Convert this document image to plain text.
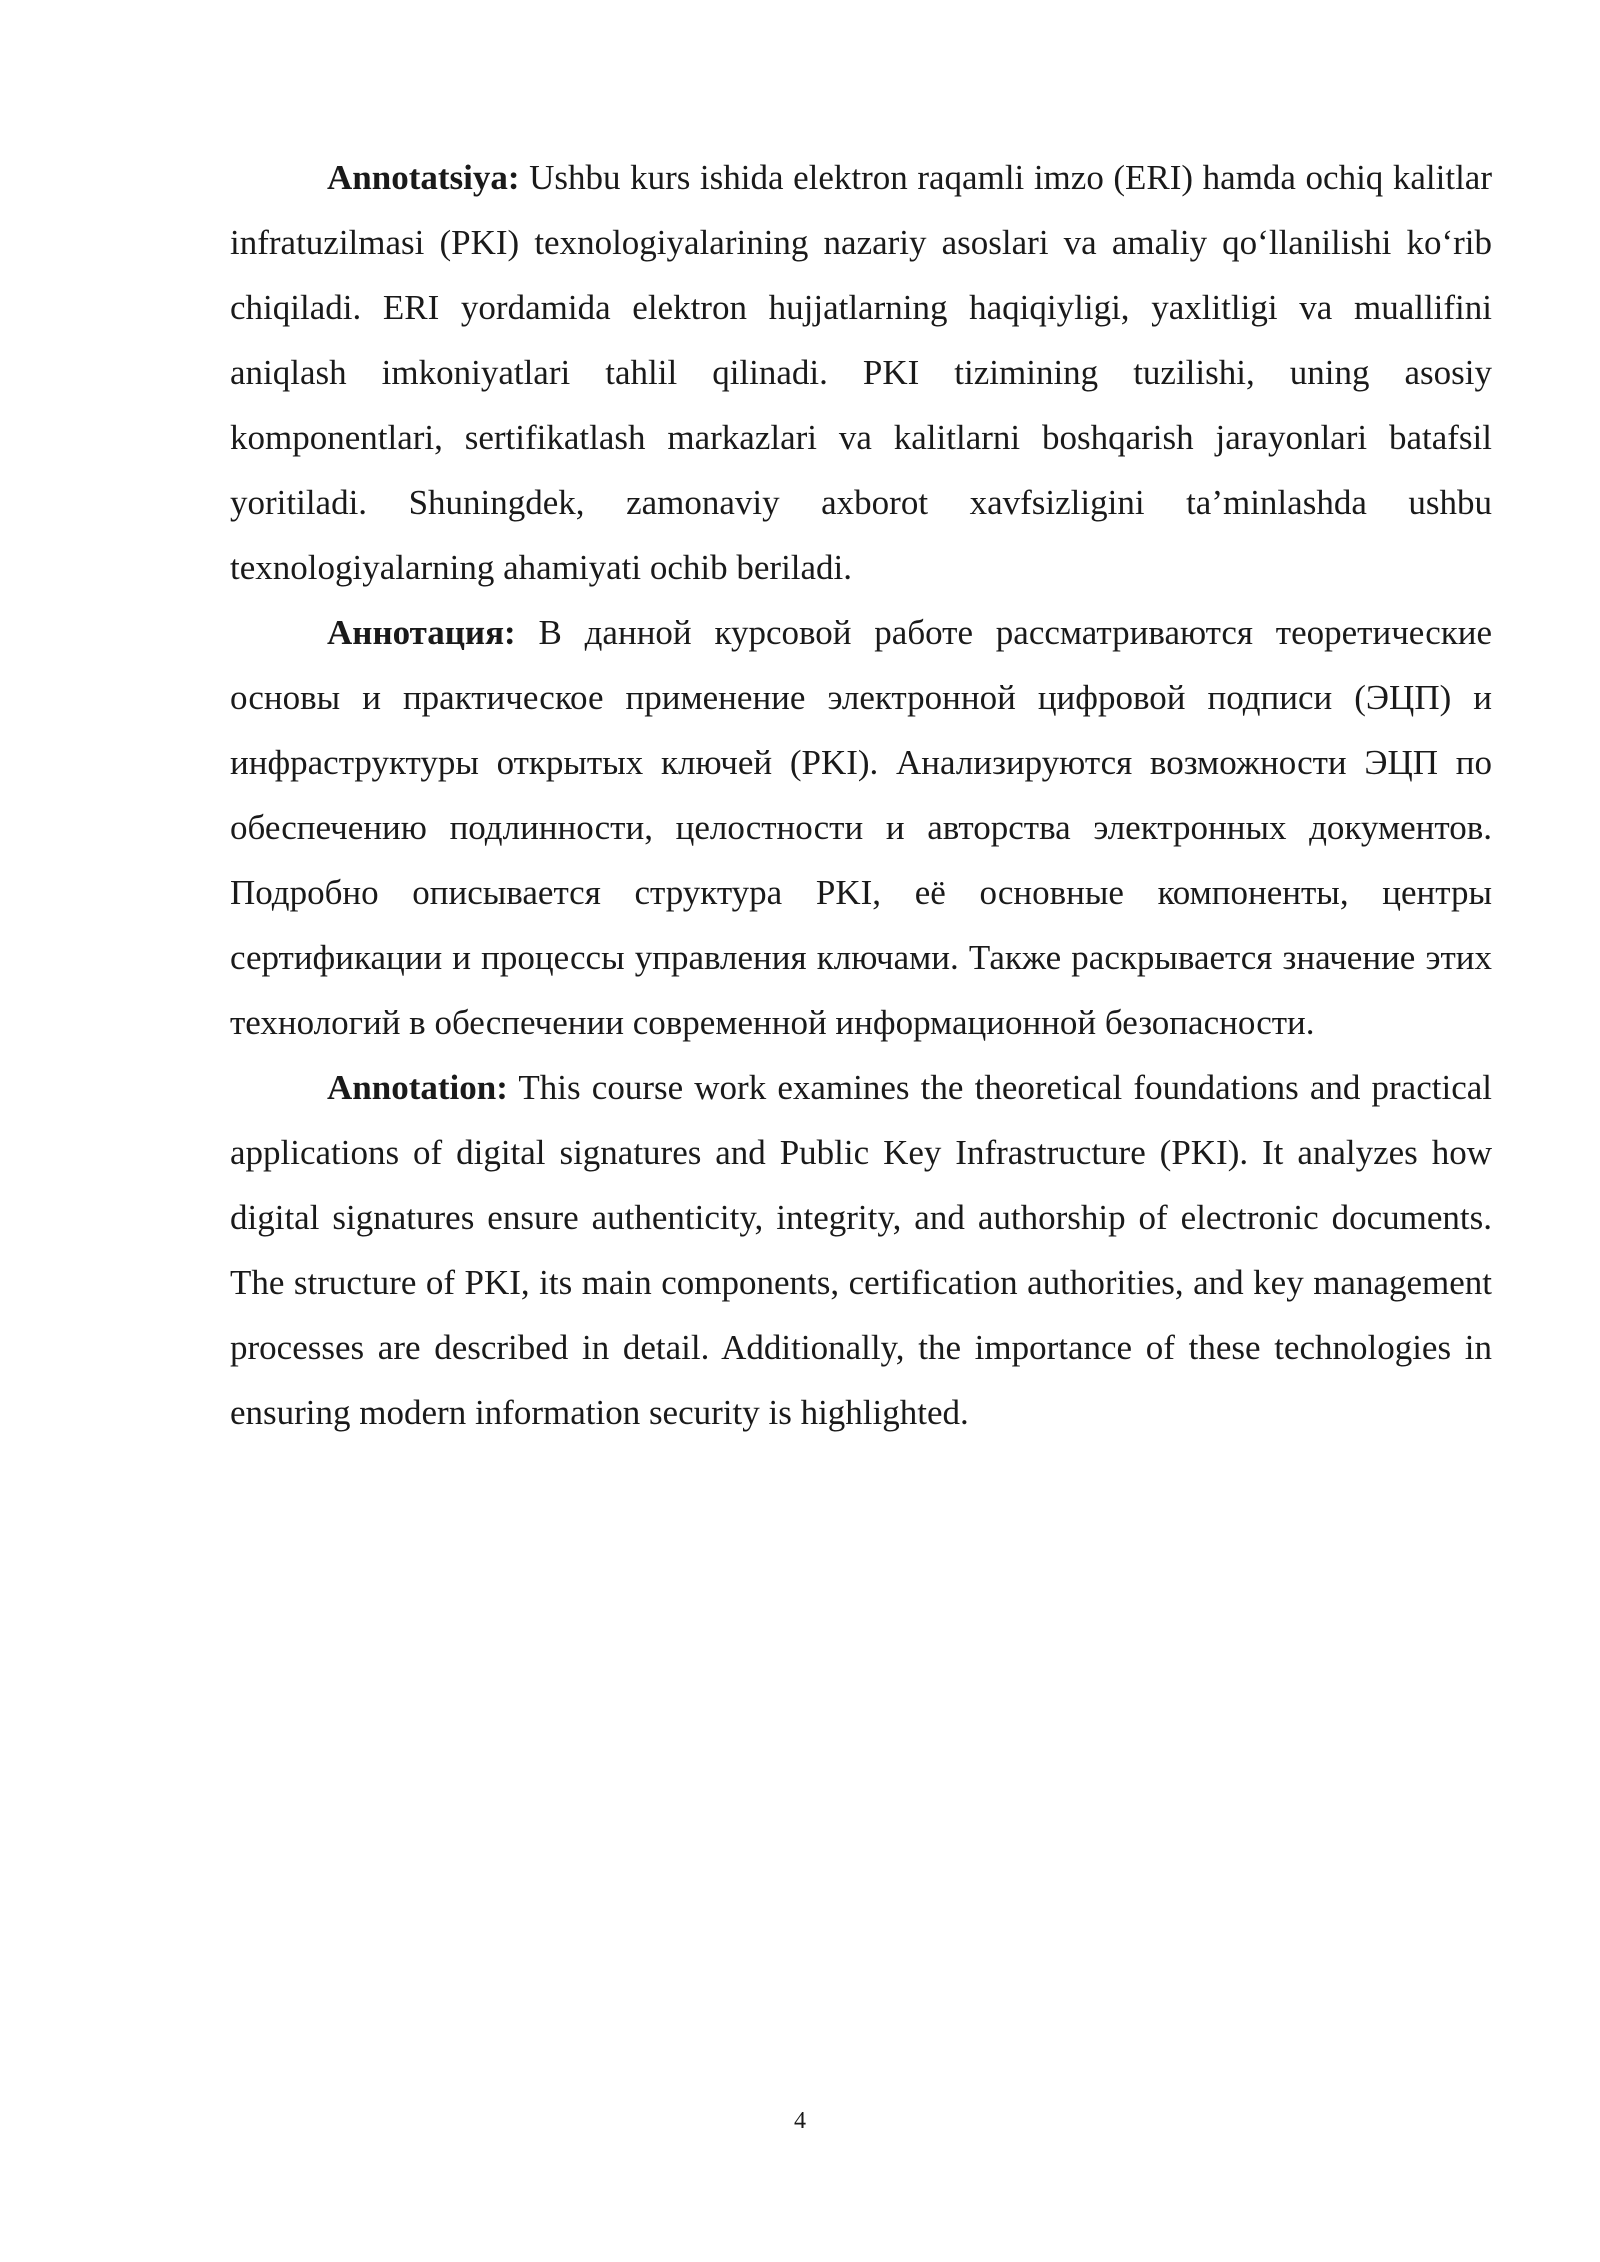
Annotatsiya: Ushbu kurs ishida elektron raqamli imzo (ERI) hamda ochiq kalitlar infratuzilmasi (PKI) texnologiyalarining nazariy asoslari va amaliy qo‘llanilishi ko‘rib chiqiladi. ERI yordamida elektron hujjatlarning haqiqiyligi, yaxlitligi va muallifini aniqlash imkoniyatlari tahlil qilinadi. PKI tizimining tuzilishi, uning asosiy komponentlari, sertifikatlash markazlari va kalitlarni boshqarish jarayonlari batafsil yoritiladi. Shuningdek, zamonaviy axborot xavfsizligini ta’minlashda ushbu texnologiyalarning ahamiyati ochib beriladi.

Аннотация: В данной курсовой работе рассматриваются теоретические основы и практическое применение электронной цифровой подписи (ЭЦП) и инфраструктуры открытых ключей (PKI). Анализируются возможности ЭЦП по обеспечению подлинности, целостности и авторства электронных документов. Подробно описывается структура PKI, её основные компоненты, центры сертификации и процессы управления ключами. Также раскрывается значение этих технологий в обеспечении современной информационной безопасности.

Annotation: This course work examines the theoretical foundations and practical applications of digital signatures and Public Key Infrastructure (PKI). It analyzes how digital signatures ensure authenticity, integrity, and authorship of electronic documents. The structure of PKI, its main components, certification authorities, and key management processes are described in detail. Additionally, the importance of these technologies in ensuring modern information security is highlighted.

4
